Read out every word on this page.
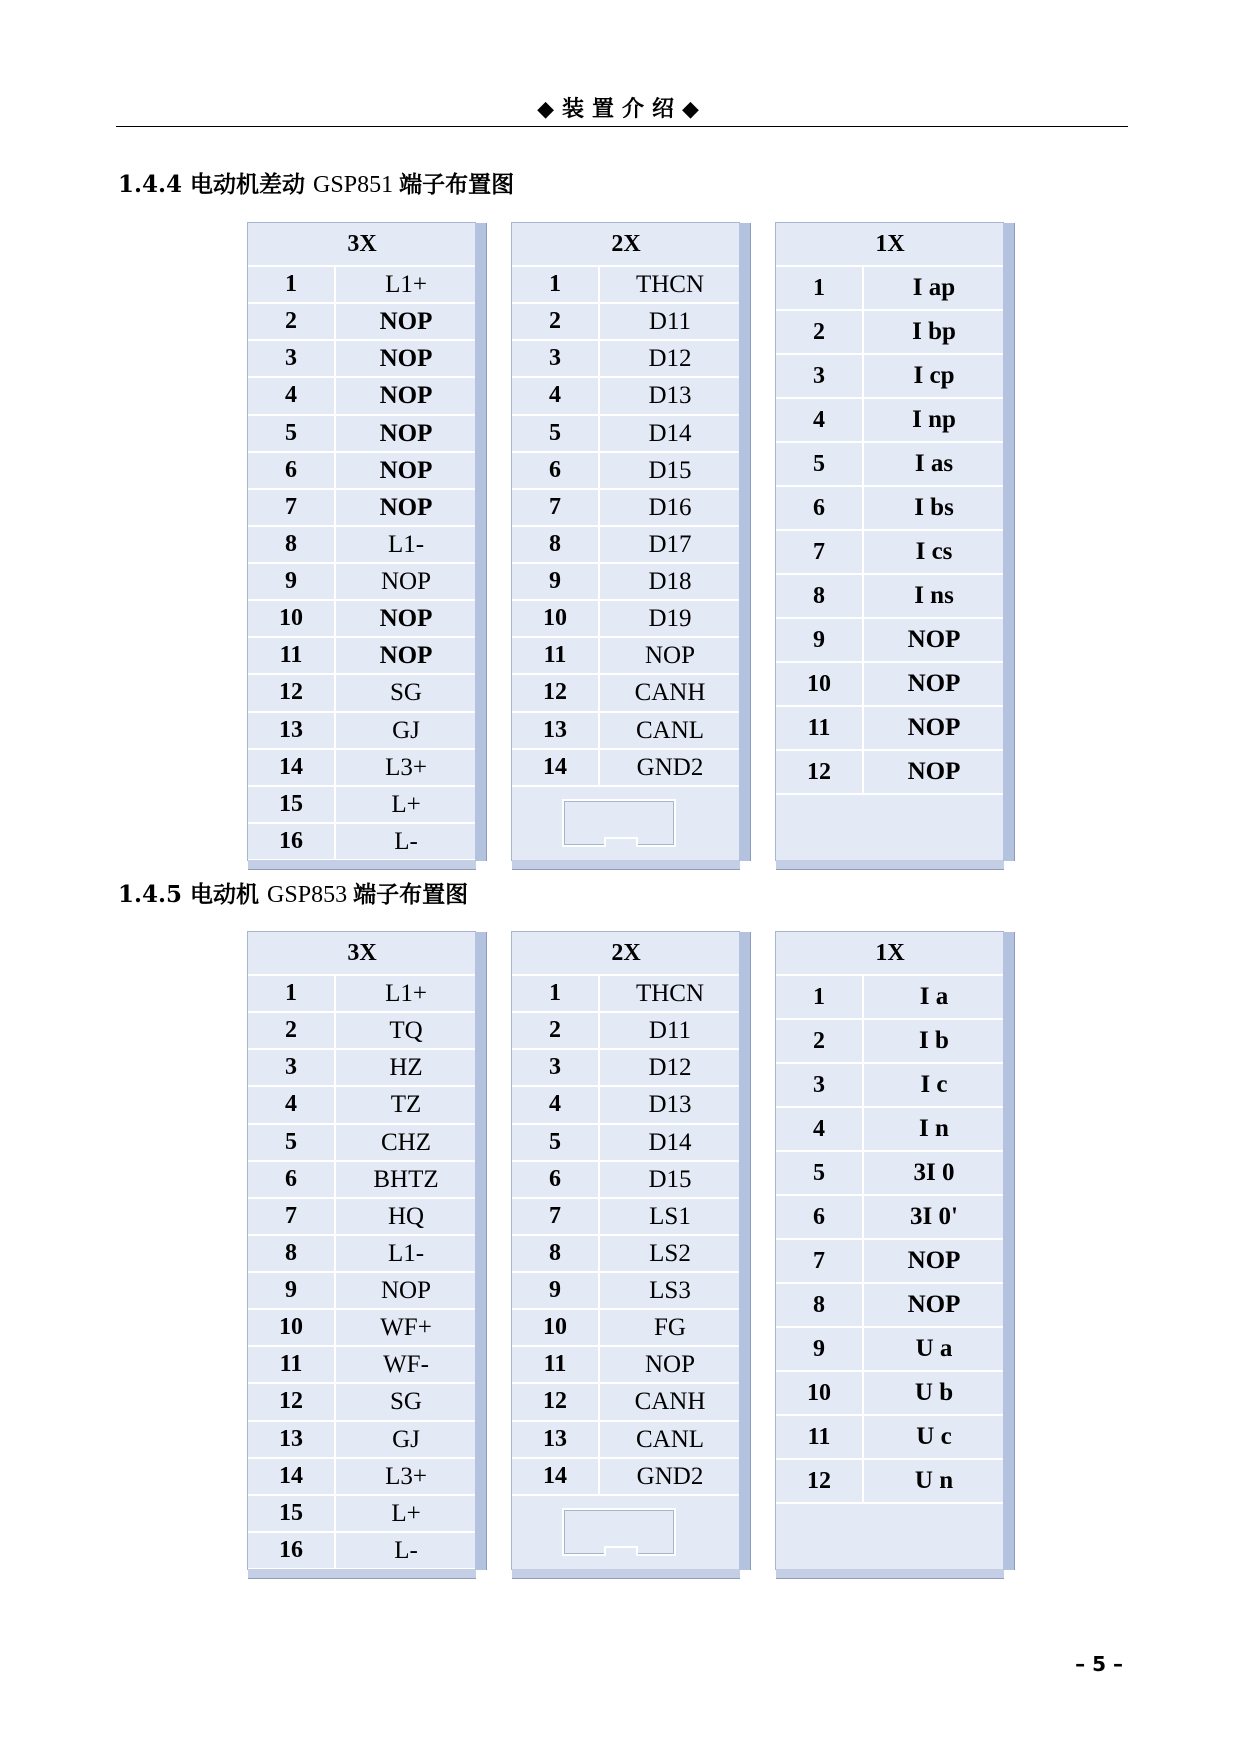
◆装置介绍◆
1.4.4 电动机差动 GSP851 端子布置图
3X
1	L1+
2	NOP
3	NOP
4	NOP
5	NOP
6	NOP
7	NOP
8	L1-
9	NOP
10	NOP
11	NOP
12	SG
13	GJ
14	L3+
15	L+
16	L-
2X
1	THCN
2	D11
3	D12
4	D13
5	D14
6	D15
7	D16
8	D17
9	D18
10	D19
11	NOP
12	CANH
13	CANL
14	GND2
1X
1	I ap
2	I bp
3	I cp
4	I np
5	I as
6	I bs
7	I cs
8	I ns
9	NOP
10	NOP
11	NOP
12	NOP
1.4.5 电动机 GSP853 端子布置图
3X
1	L1+
2	TQ
3	HZ
4	TZ
5	CHZ
6	BHTZ
7	HQ
8	L1-
9	NOP
10	WF+
11	WF-
12	SG
13	GJ
14	L3+
15	L+
16	L-
2X
1	THCN
2	D11
3	D12
4	D13
5	D14
6	D15
7	LS1
8	LS2
9	LS3
10	FG
11	NOP
12	CANH
13	CANL
14	GND2
1X
1	I a
2	I b
3	I c
4	I n
5	3I 0
6	3I 0'
7	NOP
8	NOP
9	U a
10	U b
11	U c
12	U n
– 5 –
